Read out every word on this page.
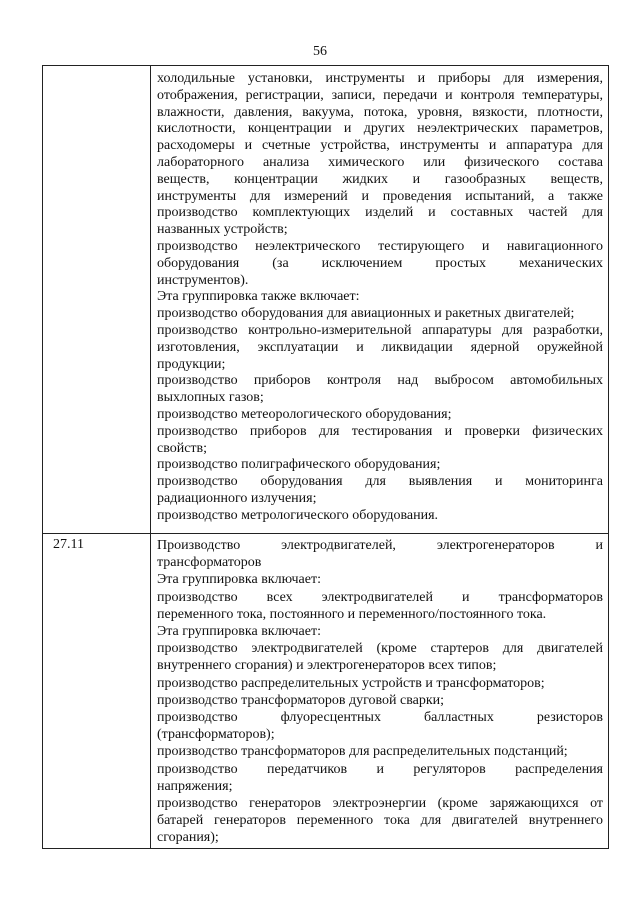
56
холодильные установки, инструменты и приборы для измерения,
отображения, регистрации, записи, передачи и контроля температуры,
влажности, давления, вакуума, потока, уровня, вязкости, плотности,
кислотности, концентрации и других неэлектрических параметров,
расходомеры и счетные устройства, инструменты и аппаратура для
лабораторного анализа химического или физического состава
веществ, концентрации жидких и газообразных веществ,
инструменты для измерений и проведения испытаний, а также
производство комплектующих изделий и составных частей для
названных устройств;
производство неэлектрического тестирующего и навигационного
оборудования (за исключением простых механических
инструментов).
Эта группировка также включает:
производство оборудования для авиационных и ракетных двигателей;
производство контрольно-измерительной аппаратуры для разработки,
изготовления, эксплуатации и ликвидации ядерной оружейной
продукции;
производство приборов контроля над выбросом автомобильных
выхлопных газов;
производство метеорологического оборудования;
производство приборов для тестирования и проверки физических
свойств;
производство полиграфического оборудования;
производство оборудования для выявления и мониторинга
радиационного излучения;
производство метрологического оборудования.
27.11	Производство электродвигателей, электрогенераторов и
трансформаторов
Эта группировка включает:
производство всех электродвигателей и трансформаторов
переменного тока, постоянного и переменного/постоянного тока.
Эта группировка включает:
производство электродвигателей (кроме стартеров для двигателей
внутреннего сгорания) и электрогенераторов всех типов;
производство распределительных устройств и трансформаторов;
производство трансформаторов дуговой сварки;
производство флуоресцентных балластных резисторов
(трансформаторов);
производство трансформаторов для распределительных подстанций;
производство передатчиков и регуляторов распределения
напряжения;
производство генераторов электроэнергии (кроме заряжающихся от
батарей генераторов переменного тока для двигателей внутреннего
сгорания);
